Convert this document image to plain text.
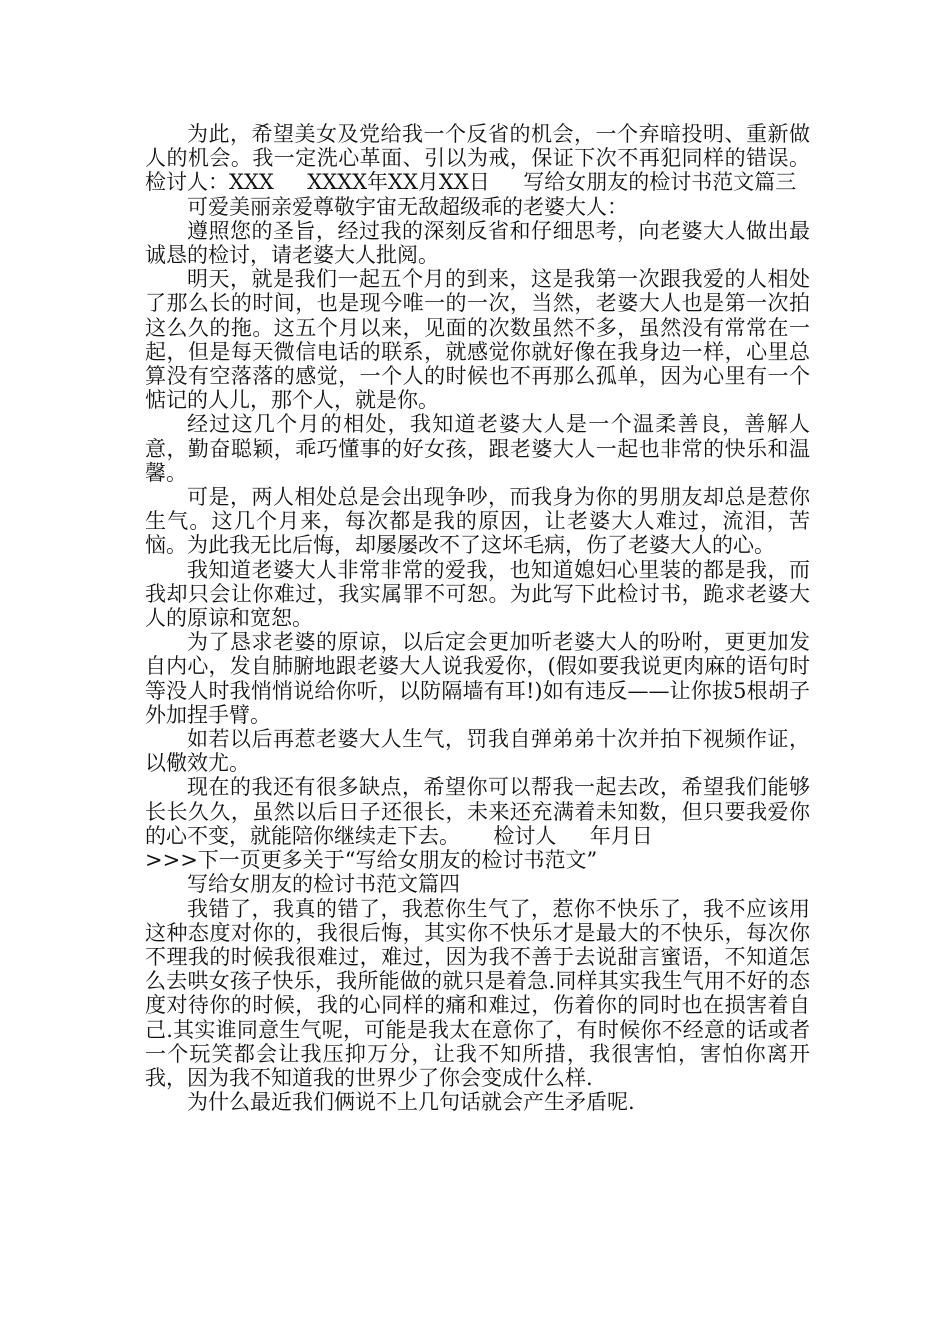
为此，希望美女及党给我一个反省的机会，一个弃暗投明、重新做人的机会。我一定洗心革面、引以为戒，保证下次不再犯同样的错误。     检讨人：XXX     XXXX年XX月XX日     写给女朋友的检讨书范文篇三

可爱美丽亲爱尊敬宇宙无敌超级乖的老婆大人：

遵照您的圣旨，经过我的深刻反省和仔细思考，向老婆大人做出最诚恳的检讨，请老婆大人批阅。

明天，就是我们一起五个月的到来，这是我第一次跟我爱的人相处了那么长的时间，也是现今唯一的一次，当然，老婆大人也是第一次拍这么久的拖。这五个月以来，见面的次数虽然不多，虽然没有常常在一起，但是每天微信电话的联系，就感觉你就好像在我身边一样，心里总算没有空落落的感觉，一个人的时候也不再那么孤单，因为心里有一个惦记的人儿，那个人，就是你。

经过这几个月的相处，我知道老婆大人是一个温柔善良，善解人意，勤奋聪颖，乖巧懂事的好女孩，跟老婆大人一起也非常的快乐和温馨。

可是，两人相处总是会出现争吵，而我身为你的男朋友却总是惹你生气。这几个月来，每次都是我的原因，让老婆大人难过，流泪，苦恼。为此我无比后悔，却屡屡改不了这坏毛病，伤了老婆大人的心。

我知道老婆大人非常非常的爱我，也知道媳妇心里装的都是我，而我却只会让你难过，我实属罪不可恕。为此写下此检讨书，跪求老婆大人的原谅和宽恕。

为了恳求老婆的原谅，以后定会更加听老婆大人的吩咐，更更加发自内心，发自肺腑地跟老婆大人说我爱你，(假如要我说更肉麻的语句时等没人时我悄悄说给你听，以防隔墙有耳!)如有违反——让你拔5根胡子外加捏手臂。

如若以后再惹老婆大人生气，罚我自弹弟弟十次并拍下视频作证，以儆效尤。

现在的我还有很多缺点，希望你可以帮我一起去改，希望我们能够长长久久，虽然以后日子还很长，未来还充满着未知数，但只要我爱你的心不变，就能陪你继续走下去。     检讨人     年月日

>>>下一页更多关于“写给女朋友的检讨书范文”

写给女朋友的检讨书范文篇四

我错了，我真的错了，我惹你生气了，惹你不快乐了，我不应该用这种态度对你的，我很后悔，其实你不快乐才是最大的不快乐，每次你不理我的时候我很难过，难过，因为我不善于去说甜言蜜语，不知道怎么去哄女孩子快乐，我所能做的就只是着急.同样其实我生气用不好的态度对待你的时候，我的心同样的痛和难过，伤着你的同时也在损害着自己.其实谁同意生气呢，可能是我太在意你了，有时候你不经意的话或者一个玩笑都会让我压抑万分，让我不知所措，我很害怕，害怕你离开我，因为我不知道我的世界少了你会变成什么样.

为什么最近我们俩说不上几句话就会产生矛盾呢.
